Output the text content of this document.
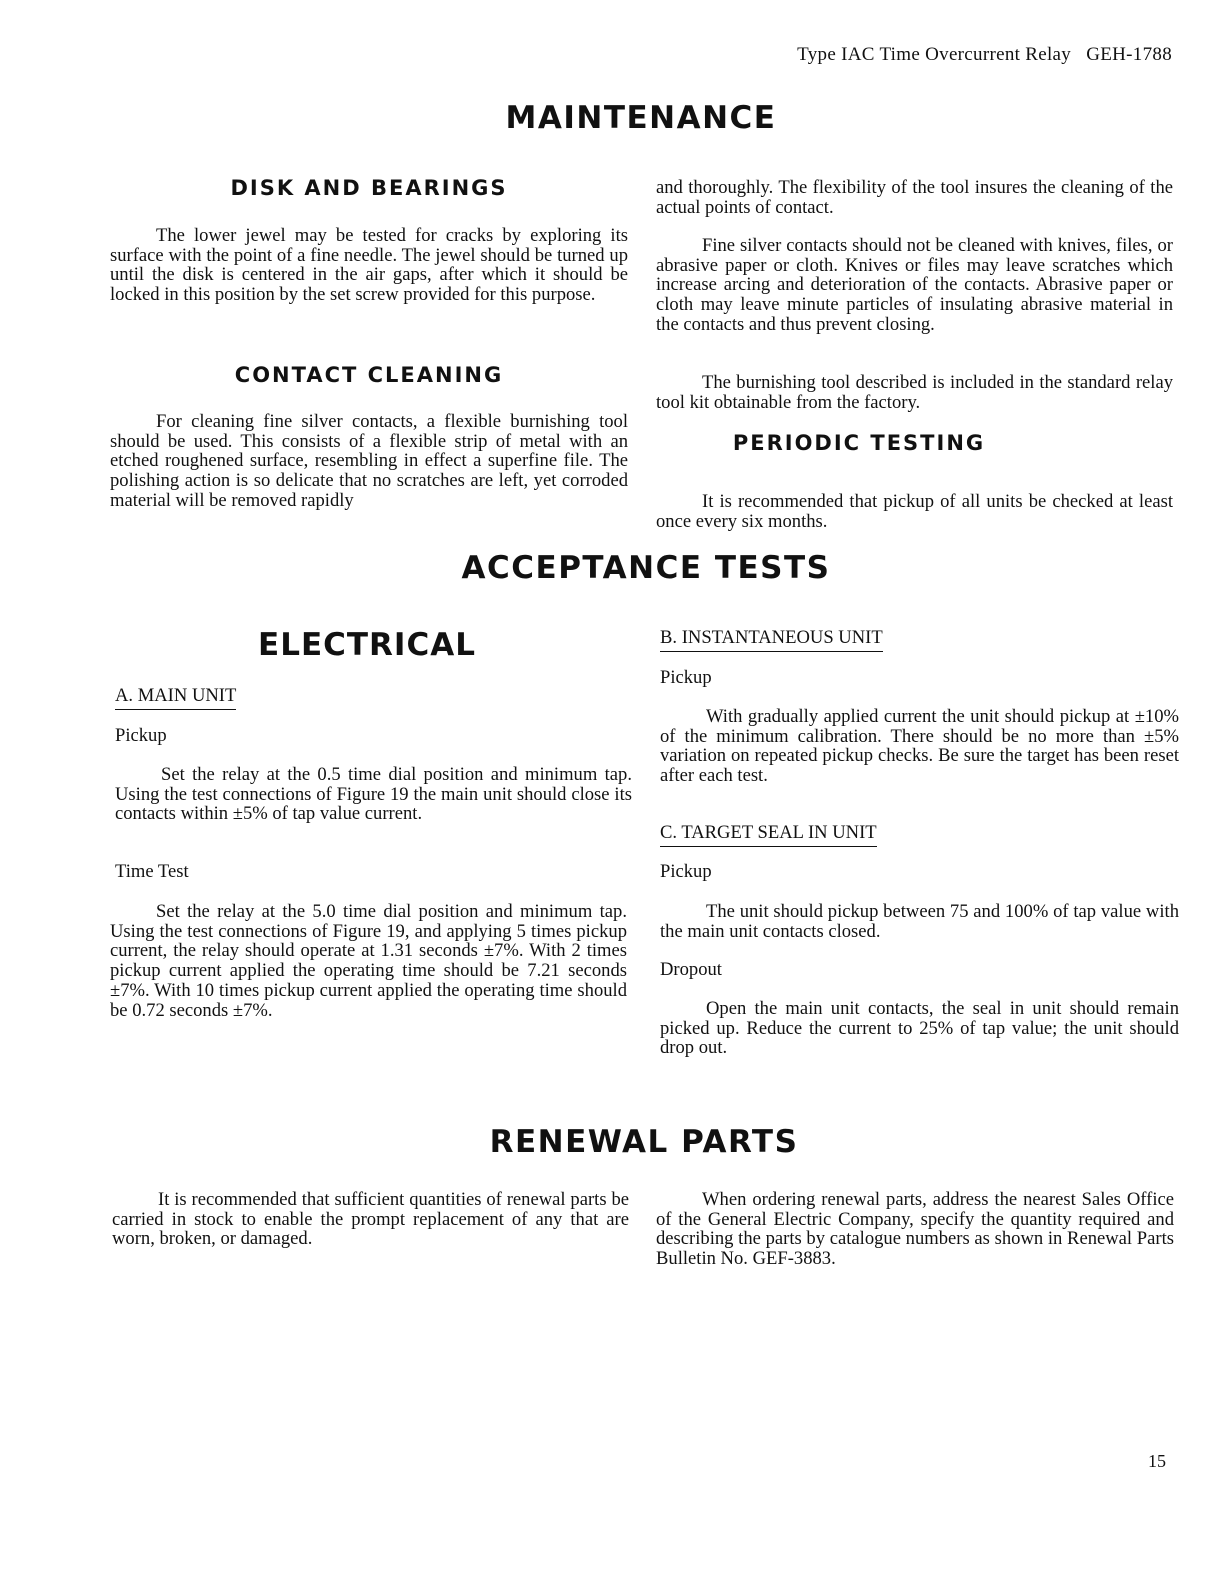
Type IAC Time Overcurrent Relay   GEH-1788
MAINTENANCE
DISK AND BEARINGS

The lower jewel may be tested for cracks by exploring its surface with the point of a fine needle. The jewel should be turned up until the disk is centered in the air gaps, after which it should be locked in this position by the set screw provided for this purpose.

CONTACT CLEANING

For cleaning fine silver contacts, a flexible burnishing tool should be used. This consists of a flexible strip of metal with an etched roughened surface, resembling in effect a superfine file. The polishing action is so delicate that no scratches are left, yet corroded material will be removed rapidly

and thoroughly. The flexibility of the tool insures the cleaning of the actual points of contact.

Fine silver contacts should not be cleaned with knives, files, or abrasive paper or cloth. Knives or files may leave scratches which increase arcing and deterioration of the contacts. Abrasive paper or cloth may leave minute particles of insulating abrasive material in the contacts and thus prevent closing.

The burnishing tool described is included in the standard relay tool kit obtainable from the factory.

PERIODIC TESTING

It is recommended that pickup of all units be checked at least once every six months.

ACCEPTANCE TESTS
ELECTRICAL
A. MAIN UNIT
Pickup

Set the relay at the 0.5 time dial position and minimum tap. Using the test connections of Figure 19 the main unit should close its contacts within ±5% of tap value current.

Time Test

Set the relay at the 5.0 time dial position and minimum tap. Using the test connections of Figure 19, and applying 5 times pickup current, the relay should operate at 1.31 seconds ±7%. With 2 times pickup current applied the operating time should be 7.21 seconds ±7%. With 10 times pickup current applied the operating time should be 0.72 seconds ±7%.

B. INSTANTANEOUS UNIT
Pickup

With gradually applied current the unit should pickup at ±10% of the minimum calibration. There should be no more than ±5% variation on repeated pickup checks. Be sure the target has been reset after each test.

C. TARGET SEAL IN UNIT
Pickup

The unit should pickup between 75 and 100% of tap value with the main unit contacts closed.

Dropout

Open the main unit contacts, the seal in unit should remain picked up. Reduce the current to 25% of tap value; the unit should drop out.

RENEWAL PARTS

It is recommended that sufficient quantities of renewal parts be carried in stock to enable the prompt replacement of any that are worn, broken, or damaged.

When ordering renewal parts, address the nearest Sales Office of the General Electric Company, specify the quantity required and describing the parts by catalogue numbers as shown in Renewal Parts Bulletin No. GEF-3883.

15
